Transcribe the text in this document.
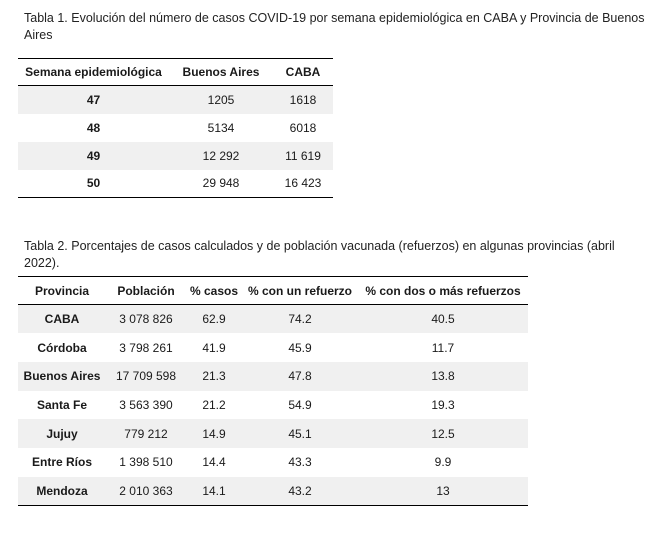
Tabla 1. Evolución del número de casos COVID-19 por semana epidemiológica en CABA y Provincia de Buenos Aires
Semana epidemiológica	Buenos Aires	CABA
47	1205	1618
48	5134	6018
49	12 292	11 619
50	29 948	16 423
Tabla 2. Porcentajes de casos calculados y de población vacunada (refuerzos) en algunas provincias (abril 2022).
Provincia	Población	% casos	% con un refuerzo	% con dos o más refuerzos
CABA	3 078 826	62.9	74.2	40.5
Córdoba	3 798 261	41.9	45.9	11.7
Buenos Aires	17 709 598	21.3	47.8	13.8
Santa Fe	3 563 390	21.2	54.9	19.3
Jujuy	779 212	14.9	45.1	12.5
Entre Ríos	1 398 510	14.4	43.3	9.9
Mendoza	2 010 363	14.1	43.2	13
